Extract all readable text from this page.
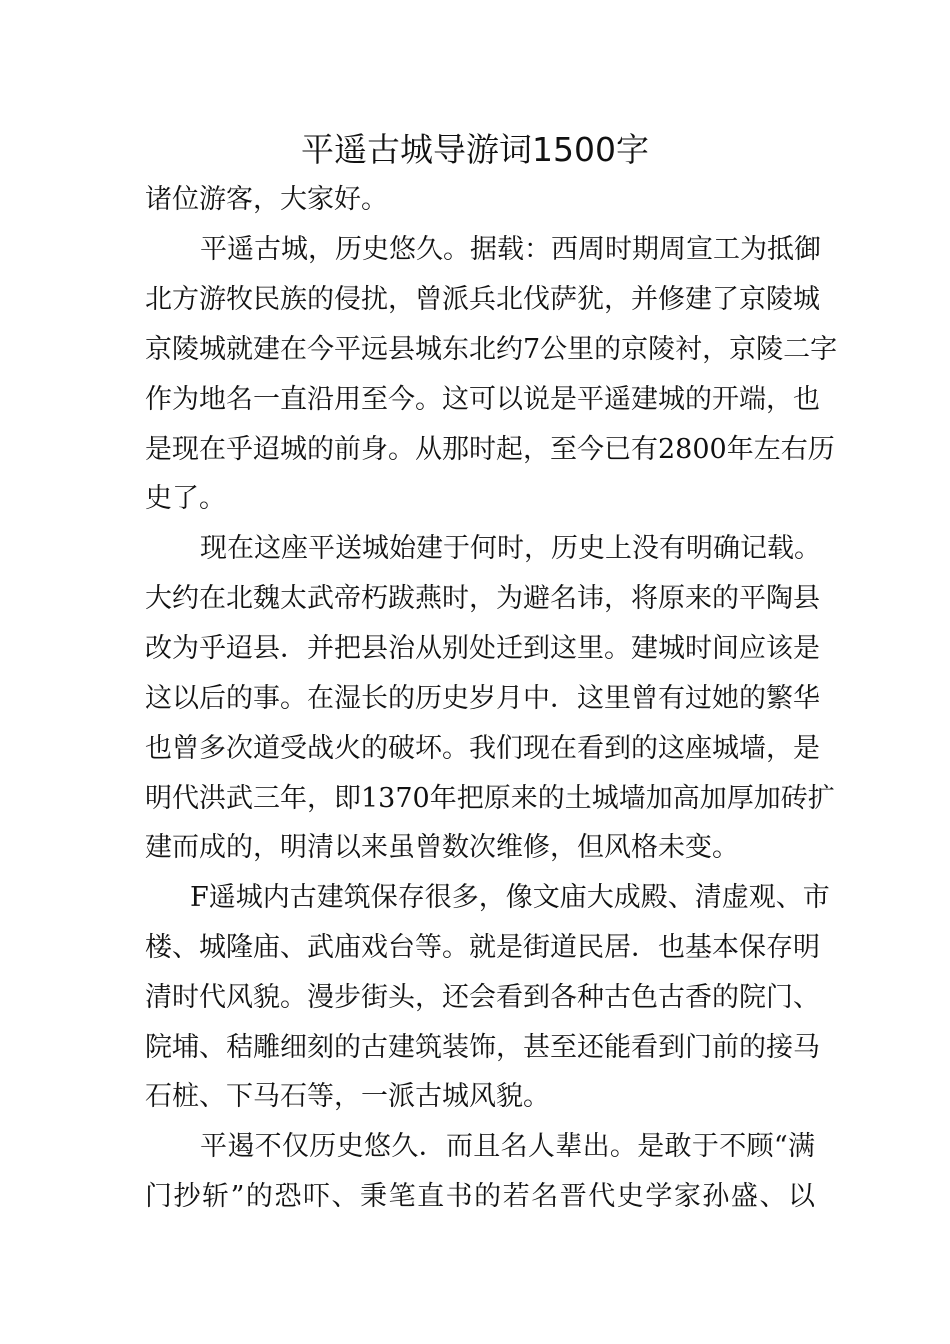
平遥古城导游词1500字
诸位游客，大家好。
平遥古城，历史悠久。据载：西周时期周宣工为抵御
北方游牧民族的侵扰，曾派兵北伐萨犹，并修建了京陵城
京陵城就建在今平远县城东北约7公里的京陵衬，京陵二字
作为地名一直沿用至今。这可以说是平遥建城的开端，也
是现在乎迢城的前身。从那时起，至今已有2800年左右历
史了。
现在这座平送城始建于何时，历史上没有明确记载。
大约在北魏太武帝朽跋燕时，为避名讳，将原来的平陶县
改为乎迢县．并把县治从别处迁到这里。建城时间应该是
这以后的事。在湿长的历史岁月中．这里曾有过她的繁华
也曾多次道受战火的破坏。我们现在看到的这座城墙，是
明代洪武三年，即1370年把原来的土城墙加高加厚加砖扩
建而成的，明清以来虽曾数次维修，但风格未变。
F遥城内古建筑保存很多，像文庙大成殿、清虚观、市
楼、城隆庙、武庙戏台等。就是街道民居．也基本保存明
清时代风貌。漫步街头，还会看到各种古色古香的院门、
院埔、秸雕细刻的古建筑装饰，甚至还能看到门前的接马
石桩、下马石等，一派古城风貌。
平遏不仅历史悠久．而且名人辈出。是敢于不顾“满
门抄斩”的恐吓、秉笔直书的若名晋代史学家孙盛、以
